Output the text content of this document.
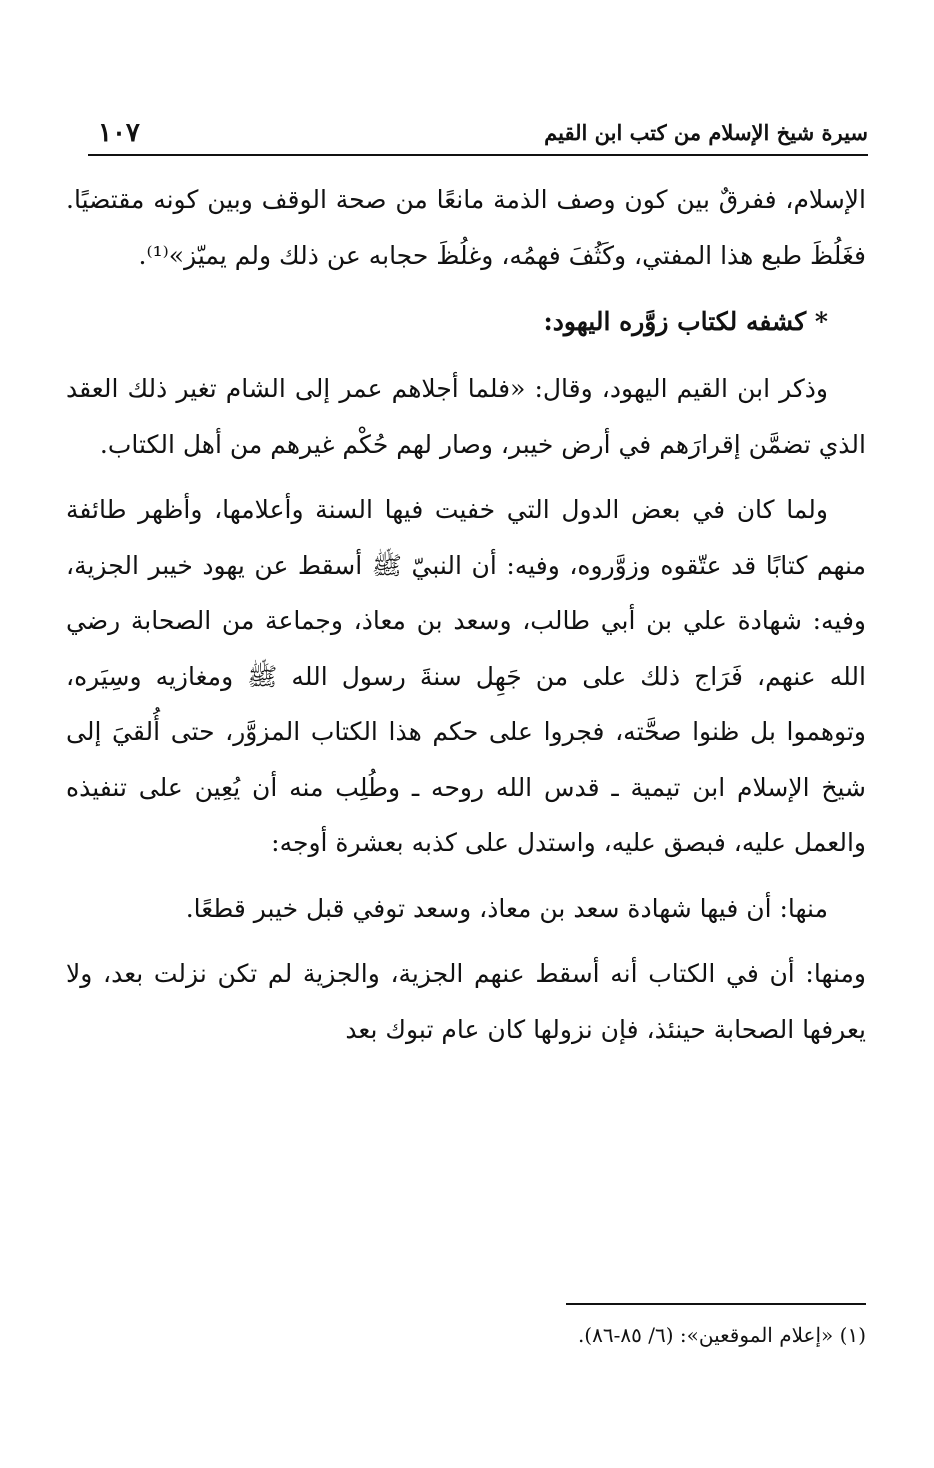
سيرة شيخ الإسلام من كتب ابن القيم
١٠٧

الإسلام، ففرقٌ بين كون وصف الذمة مانعًا من صحة الوقف وبين كونه مقتضيًا. فغَلُظَ طبع هذا المفتي، وكَثُفَ فهمُه، وغلُظَ حجابه عن ذلك ولم يميّز»⁽¹⁾.

* كشفه لكتاب زوَّره اليهود:

وذكر ابن القيم اليهود، وقال: «فلما أجلاهم عمر إلى الشام تغير ذلك العقد الذي تضمَّن إقرارَهم في أرض خيبر، وصار لهم حُكْم غيرهم من أهل الكتاب.

ولما كان في بعض الدول التي خفيت فيها السنة وأعلامها، وأظهر طائفة منهم كتابًا قد عتّقوه وزوَّروه، وفيه: أن النبيّ ﷺ أسقط عن يهود خيبر الجزية، وفيه: شهادة علي بن أبي طالب، وسعد بن معاذ، وجماعة من الصحابة رضي الله عنهم، فَرَاج ذلك على من جَهِل سنةَ رسول الله ﷺ ومغازيه وسِيَره، وتوهموا بل ظنوا صحَّته، فجروا على حكم هذا الكتاب المزوَّر، حتى أُلقيَ إلى شيخ الإسلام ابن تيمية ـ قدس الله روحه ـ وطُلِب منه أن يُعِين على تنفيذه والعمل عليه، فبصق عليه، واستدل على كذبه بعشرة أوجه:

منها: أن فيها شهادة سعد بن معاذ، وسعد توفي قبل خيبر قطعًا.

ومنها: أن في الكتاب أنه أسقط عنهم الجزية، والجزية لم تكن نزلت بعد، ولا يعرفها الصحابة حينئذ، فإن نزولها كان عام تبوك بعد

(١) «إعلام الموقعين»: (٦/ ٨٥-٨٦).
